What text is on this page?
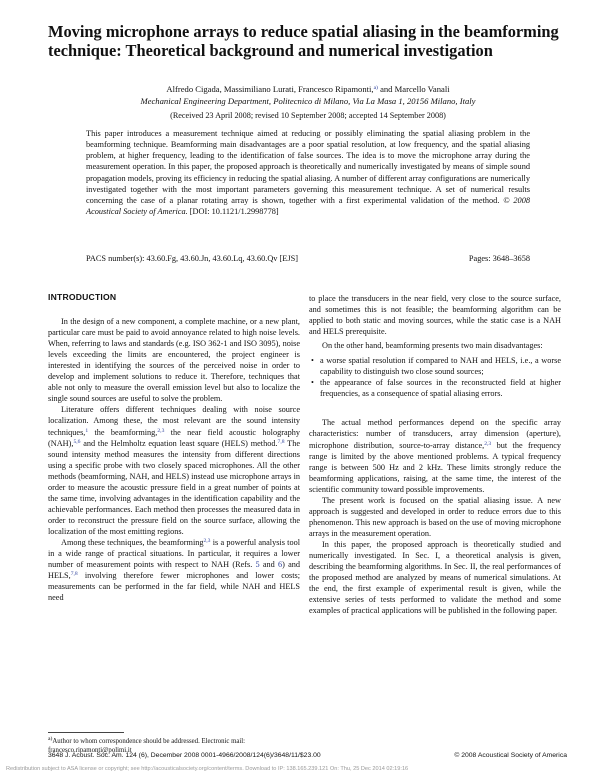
Moving microphone arrays to reduce spatial aliasing in the beamforming technique: Theoretical background and numerical investigation
Alfredo Cigada, Massimiliano Lurati, Francesco Ripamonti,$^{a)}$ and Marcello Vanali
Mechanical Engineering Department, Politecnico di Milano, Via La Masa 1, 20156 Milano, Italy
(Received 23 April 2008; revised 10 September 2008; accepted 14 September 2008)
This paper introduces a measurement technique aimed at reducing or possibly eliminating the spatial aliasing problem in the beamforming technique. Beamforming main disadvantages are a poor spatial resolution, at low frequency, and the spatial aliasing problem, at higher frequency, leading to the identification of false sources. The idea is to move the microphone array during the measurement operation. In this paper, the proposed approach is theoretically and numerically investigated by means of simple sound propagation models, proving its efficiency in reducing the spatial aliasing. A number of different array configurations are numerically investigated together with the most important parameters governing this measurement technique. A set of numerical results concerning the case of a planar rotating array is shown, together with a first experimental validation of the method. © 2008 Acoustical Society of America. [DOI: 10.1121/1.2998778]
PACS number(s): 43.60.Fg, 43.60.Jn, 43.60.Lq, 43.60.Qv [EJS]	Pages: 3648–3658
INTRODUCTION

In the design of a new component, a complete machine, or a new plant, particular care must be paid to avoid annoyance related to high noise levels. When, referring to laws and standards (e.g. ISO 362-1 and ISO 3095), noise levels exceeding the limits are encountered, the project engineer is interested in identifying the sources of the perceived noise in order to develop and implement solutions to reduce it. Therefore, techniques that able not only to measure the overall emission level but also to localize the single sound sources are useful to solve the problem.

Literature offers different techniques dealing with noise source localization. Among these, the most relevant are the sound intensity techniques,$^1$ the beamforming,$^{2,3}$ the near field acoustic holography (NAH),$^{5,6}$ and the Helmholtz equation least square (HELS) method.$^{7,8}$ The sound intensity method measures the intensity from different directions using a specific probe with two closely spaced microphones. All the other methods (beamforming, NAH, and HELS) instead use microphone arrays in order to measure the acoustic pressure field in a great number of points at the same time, involving advantages in the identification capability and the achievable performances. Each method then processes the measured data in order to reconstruct the pressure field on the source surface, allowing the localization of the most emitting regions.

Among these techniques, the beamforming$^{2,3}$ is a powerful analysis tool in a wide range of practical situations. In particular, it requires a lower number of measurement points with respect to NAH (Refs. 5 and 6) and HELS,$^{7,8}$ involving therefore fewer microphones and lower costs; measurements can be performed in the far field, while NAH and HELS need

to place the transducers in the near field, very close to the source surface, and sometimes this is not feasible; the beamforming algorithm can be applied to both static and moving sources, while the static case is a NAH and HELS prerequisite.

On the other hand, beamforming presents two main disadvantages:

• a worse spatial resolution if compared to NAH and HELS, i.e., a worse capability to distinguish two close sound sources;
• the appearance of false sources in the reconstructed field at higher frequencies, as a consequence of spatial aliasing errors.

The actual method performances depend on the specific array characteristics: number of transducers, array dimension (aperture), microphone distribution, source-to-array distance,$^{2,3}$ but the frequency range is limited by the above mentioned problems. A typical frequency range is between 500 Hz and 2 kHz. These limits strongly reduce the beamforming applications, raising, at the same time, the interest of the scientific community toward possible improvements.

The present work is focused on the spatial aliasing issue. A new approach is suggested and developed in order to reduce errors due to this phenomenon. This new approach is based on the use of moving microphone arrays in the measurement operation.

In this paper, the proposed approach is theoretically studied and numerically investigated. In Sec. I, a theoretical analysis is given, describing the beamforming algorithms. In Sec. II, the real performances of the proposed method are analyzed by means of numerical simulations. At the end, the first example of experimental result is given, while the extensive series of tests performed to validate the method and some examples of practical applications will be published in the following paper.

$^{a)}$Author to whom correspondence should be addressed. Electronic mail: francesco.ripamonti@polimi.it
3648 J. Acoust. Soc. Am. 124 (6), December 2008 0001-4966/2008/124(6)/3648/11/$23.00	© 2008 Acoustical Society of America
Redistribution subject to ASA license or copyright; see http://acousticalsociety.org/content/terms. Download to IP: 138.165.239.121 On: Thu, 25 Dec 2014 02:19:16
